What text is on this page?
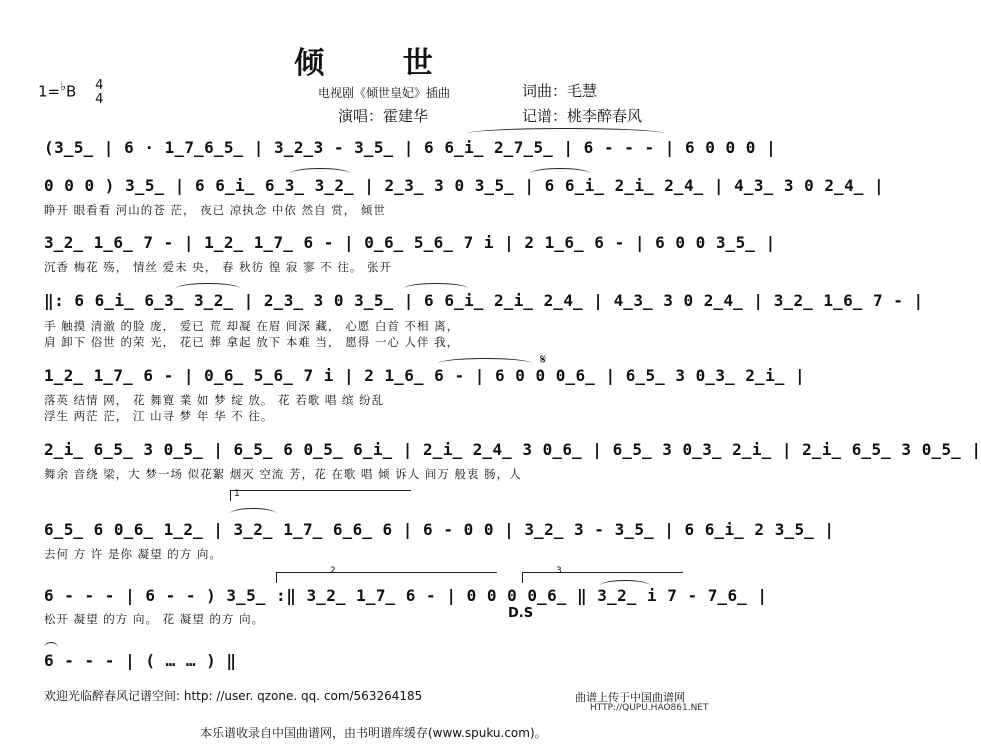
倾 世
1=♭B 4
4	电视剧《倾世皇妃》插曲	词曲：毛慧
演唱：霍建华	记谱：桃李醉春风
(3̲5̲ | 6 · 1̲7̲6̲5̲ | 3̲2̲3 - 3̲5̲ | 6 6̲i̲ 2̲7̲5̲ | 6 - - - | 6 0 0 0 |
0 0 0 ) 3̲5̲ | 6 6̲i̲ 6̲3̲ 3̲2̲ | 2̲3̲ 3 0 3̲5̲ | 6 6̲i̲ 2̲i̲ 2̲4̲ | 4̲3̲ 3 0 2̲4̲ |
睁开 眼看看 河山的苍 茫， 夜已 凉执念 中依 然自 赏， 倾世
3̲2̲ 1̲6̲ 7 - | 1̲2̲ 1̲7̲ 6 - | 0̲6̲ 5̲6̲ 7 i | 2 1̲6̲ 6 - | 6 0 0 3̲5̲ |
沉香 梅花 殇， 情丝 爱未 央， 春 秋彷 徨 寂 寥 不 往。 张开
‖: 6 6̲i̲ 6̲3̲ 3̲2̲ | 2̲3̲ 3 0 3̲5̲ | 6 6̲i̲ 2̲i̲ 2̲4̲ | 4̲3̲ 3 0 2̲4̲ | 3̲2̲ 1̲6̲ 7 - |
手 触摸 清澈 的脸 庞， 爱已 荒 却凝 在眉 间深 藏， 心愿 白首 不相 离，
肩 卸下 俗世 的荣 光， 花已 葬 拿起 放下 本难 当， 愿得 一心 人伴 我，
𝄋
1̲2̲ 1̲7̲ 6 - | 0̲6̲ 5̲6̲ 7 i | 2 1̲6̲ 6 - | 6 0 0 0̲6̲ | 6̲5̲ 3 0̲3̲ 2̲i̲ |
落英 结情 网， 花 舞寛 業 如 梦 绽 放。 花 若歌 唱 缤 纷乱
浮生 两茫 茫， 江 山寻 梦 年 华 不 往。
2̲i̲ 6̲5̲ 3 0̲5̲ | 6̲5̲ 6 0̲5̲ 6̲i̲ | 2̲i̲ 2̲4̲ 3 0̲6̲ | 6̲5̲ 3 0̲3̲ 2̲i̲ | 2̲i̲ 6̲5̲ 3 0̲5̲ |
舞余 音绕 梁，大 梦一场 似花絮 烟灭 空流 芳，花 在歌 唱 倾 诉人 间万 般衷 肠，人
1
6̲5̲ 6 0̲6̲ 1̲2̲ | 3̲2̲ 1̲7̲ 6̲6̲ 6 | 6 - 0 0 | 3̲2̲ 3 - 3̲5̲ | 6 6̲i̲ 2 3̲5̲ |
去何 方 许 是你 凝望 的方 向。
2	3
6 - - - | 6 - - ) 3̲5̲ :‖ 3̲2̲ 1̲7̲ 6 - | 0 0 0 0̲6̲ ‖ 3̲2̲ i 7 - 7̲6̲ |
D.S
松开 凝望 的方 向。 花 凝望 的方 向。
6 - - - | ( … … ) ‖
欢迎光临醉春风记谱空间: http: //user. qzone. qq. com/563264185	曲谱上传于中国曲谱网
HTTP://QUPU.HAO861.NET
本乐谱收录自中国曲谱网，由书明谱库缓存(www.spuku.com)。
